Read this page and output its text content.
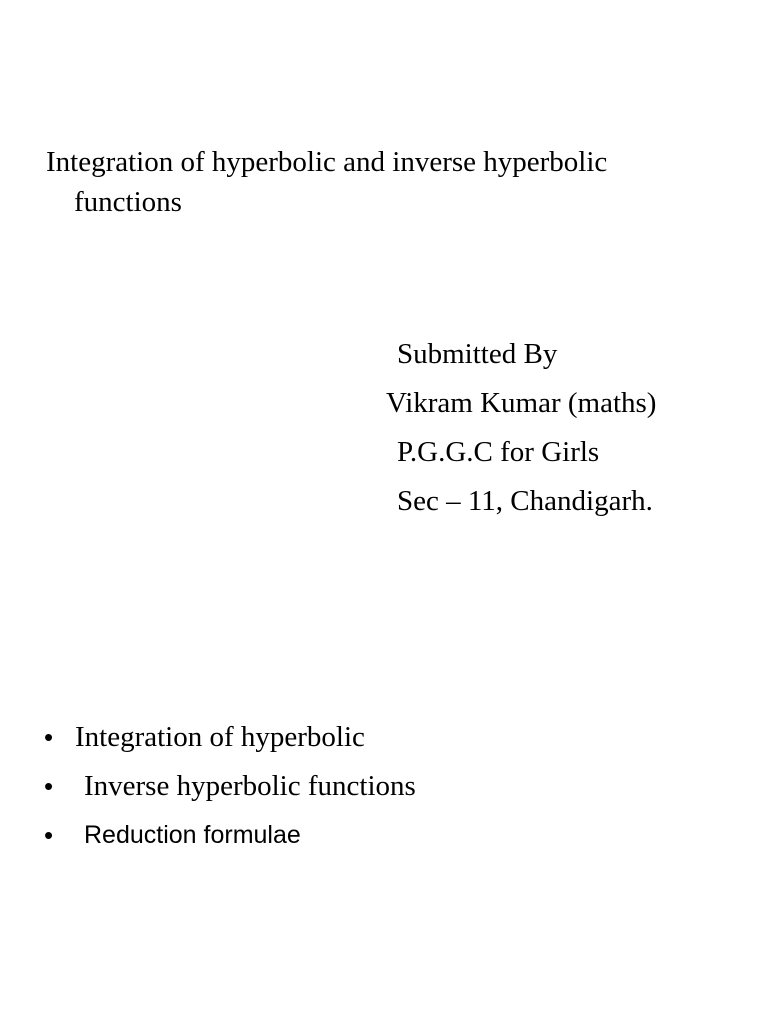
Integration of hyperbolic and inverse hyperbolic
functions
Submitted By
Vikram Kumar (maths)
P.G.G.C for Girls
Sec – 11, Chandigarh.
• Integration of hyperbolic
• Inverse hyperbolic functions
• Reduction formulae
